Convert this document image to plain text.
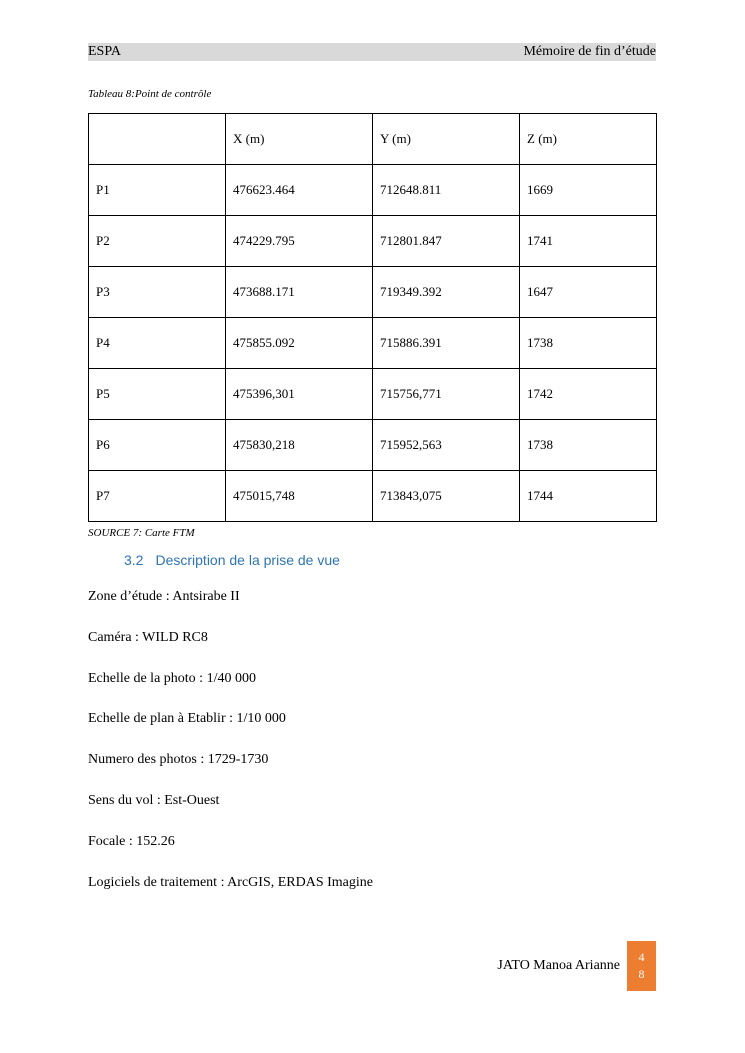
ESPA	Mémoire de fin d’étude
Tableau 8:Point de contrôle
	X (m)	Y (m)	Z (m)
P1	476623.464	712648.811	1669
P2	474229.795	712801.847	1741
P3	473688.171	719349.392	1647
P4	475855.092	715886.391	1738
P5	475396,301	715756,771	1742
P6	475830,218	715952,563	1738
P7	475015,748	713843,075	1744
SOURCE 7: Carte FTM
3.2 Description de la prise de vue
Zone d’étude : Antsirabe II
Caméra : WILD RC8
Echelle de la photo : 1/40 000
Echelle de plan à Etablir : 1/10 000
Numero des photos : 1729-1730
Sens du vol : Est-Ouest
Focale : 152.26
Logiciels de traitement : ArcGIS, ERDAS Imagine
JATO Manoa Arianne
4
8
